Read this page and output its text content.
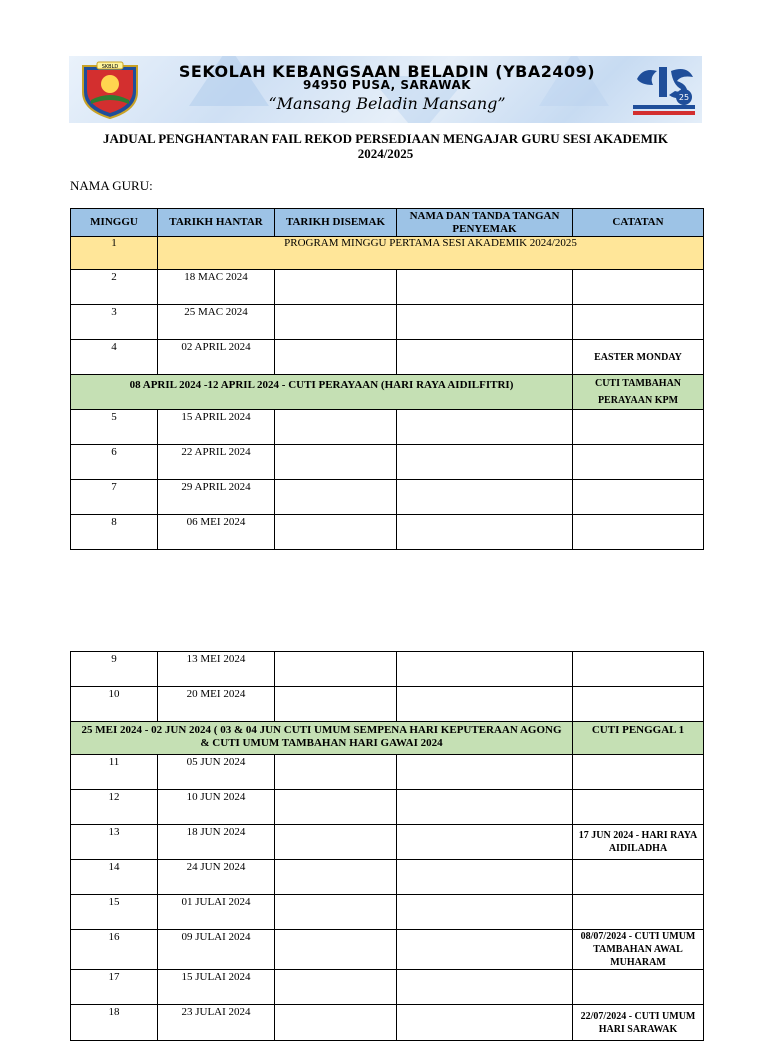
SKBLD	SEKOLAH KEBANGSAAN BELADIN (YBA2409)
94950 PUSA, SARAWAK
“Mansang Beladin Mansang”	25
JADUAL PENGHANTARAN FAIL REKOD PERSEDIAAN MENGAJAR GURU SESI AKADEMIK
2024/2025
NAMA GURU:
MINGGU	TARIKH HANTAR	TARIKH DISEMAK	NAMA DAN TANDA TANGAN PENYEMAK	CATATAN
1	PROGRAM MINGGU PERTAMA SESI AKADEMIK 2024/2025			
2	18 MAC 2024			
3	25 MAC 2024			
4	02 APRIL 2024			EASTER MONDAY
08 APRIL 2024 -12 APRIL 2024 - CUTI PERAYAAN (HARI RAYA AIDILFITRI)				CUTI TAMBAHAN PERAYAAN KPM
5	15 APRIL 2024			
6	22 APRIL 2024			
7	29 APRIL 2024			
8	06 MEI 2024			
9	13 MEI 2024			
10	20 MEI 2024			
25 MEI 2024 - 02 JUN 2024 ( 03 & 04 JUN CUTI UMUM SEMPENA HARI KEPUTERAAN AGONG & CUTI UMUM TAMBAHAN HARI GAWAI 2024				CUTI PENGGAL 1
11	05 JUN 2024			
12	10 JUN 2024			
13	18 JUN 2024			17 JUN 2024 - HARI RAYA AIDILADHA
14	24 JUN 2024			
15	01 JULAI 2024			
16	09 JULAI 2024			08/07/2024 - CUTI UMUM TAMBAHAN AWAL MUHARAM
17	15 JULAI 2024			
18	23 JULAI 2024			22/07/2024 - CUTI UMUM HARI SARAWAK
